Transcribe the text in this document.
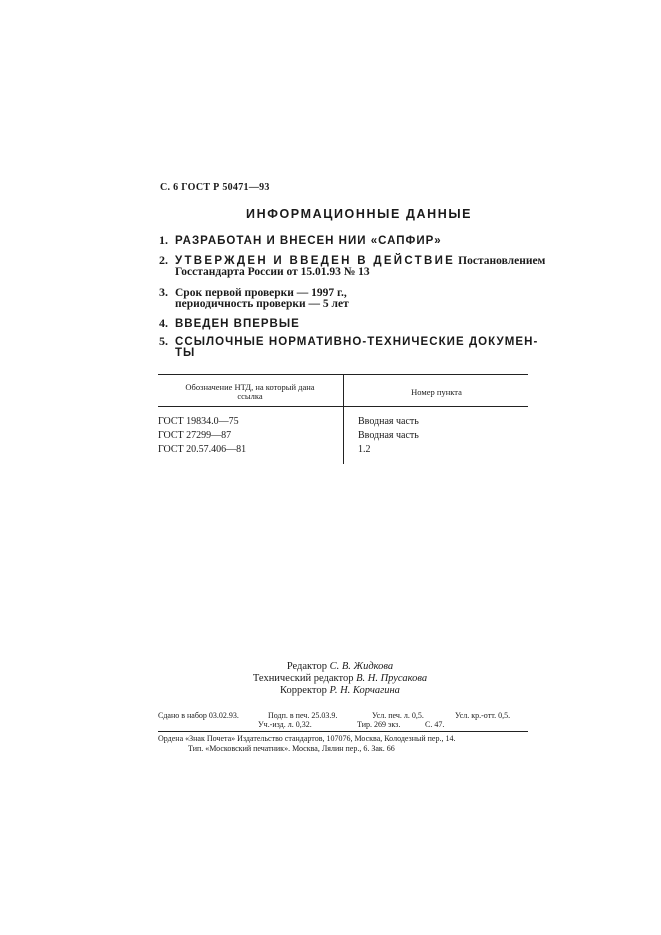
С. 6 ГОСТ Р 50471—93
ИНФОРМАЦИОННЫЕ ДАННЫЕ
1. РАЗРАБОТАН И ВНЕСЕН НИИ «САПФИР»
2. УТВЕРЖДЕН И ВВЕДЕН В ДЕЙСТВИЕ Постановлением
Госстандарта России от 15.01.93 № 13
3. Срок первой проверки — 1997 г.,
периодичность проверки — 5 лет
4. ВВЕДЕН ВПЕРВЫЕ
5. ССЫЛОЧНЫЕ НОРМАТИВНО-ТЕХНИЧЕСКИЕ ДОКУМЕН-
ТЫ
Обозначение НТД, на который дана ссылка	Номер пункта
ГОСТ 19834.0—75	Вводная часть
ГОСТ 27299—87	Вводная часть
ГОСТ 20.57.406—81	1.2
Редактор С. В. Жидкова
Технический редактор В. Н. Прусакова
Корректор Р. Н. Корчагина
Сдано в набор 03.02.93.	Подп. в печ. 25.03.9.	Усл. печ. л. 0,5.	Усл. кр.-отт. 0,5.
Уч.-изд. л. 0,32.	Тир. 269 экз.	С. 47.
Ордена «Знак Почета» Издательство стандартов, 107076, Москва, Колодезный пер., 14.
Тип. «Московский печатник». Москва, Лялин пер., 6. Зак. 66
